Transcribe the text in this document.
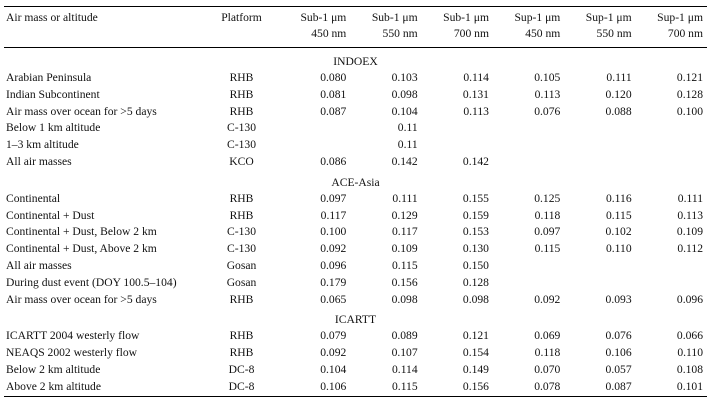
Air mass or altitude	Platform	Sub-1 μm	Sub-1 μm	Sub-1 μm	Sup-1 μm	Sup-1 μm	Sup-1 μm
		450 nm	550 nm	700 nm	450 nm	550 nm	700 nm
INDOEX							
Arabian Peninsula	RHB	0.080	0.103	0.114	0.105	0.111	0.121
Indian Subcontinent	RHB	0.081	0.098	0.131	0.113	0.120	0.128
Air mass over ocean for >5 days	RHB	0.087	0.104	0.113	0.076	0.088	0.100
Below 1 km altitude	C-130		0.11				
1–3 km altitude	C-130		0.11				
All air masses	KCO	0.086	0.142	0.142			
ACE-Asia							
Continental	RHB	0.097	0.111	0.155	0.125	0.116	0.111
Continental + Dust	RHB	0.117	0.129	0.159	0.118	0.115	0.113
Continental + Dust, Below 2 km	C-130	0.100	0.117	0.153	0.097	0.102	0.109
Continental + Dust, Above 2 km	C-130	0.092	0.109	0.130	0.115	0.110	0.112
All air masses	Gosan	0.096	0.115	0.150			
During dust event (DOY 100.5–104)	Gosan	0.179	0.156	0.128			
Air mass over ocean for >5 days	RHB	0.065	0.098	0.098	0.092	0.093	0.096
ICARTT							
ICARTT 2004 westerly flow	RHB	0.079	0.089	0.121	0.069	0.076	0.066
NEAQS 2002 westerly flow	RHB	0.092	0.107	0.154	0.118	0.106	0.110
Below 2 km altitude	DC-8	0.104	0.114	0.149	0.070	0.057	0.108
Above 2 km altitude	DC-8	0.106	0.115	0.156	0.078	0.087	0.101
